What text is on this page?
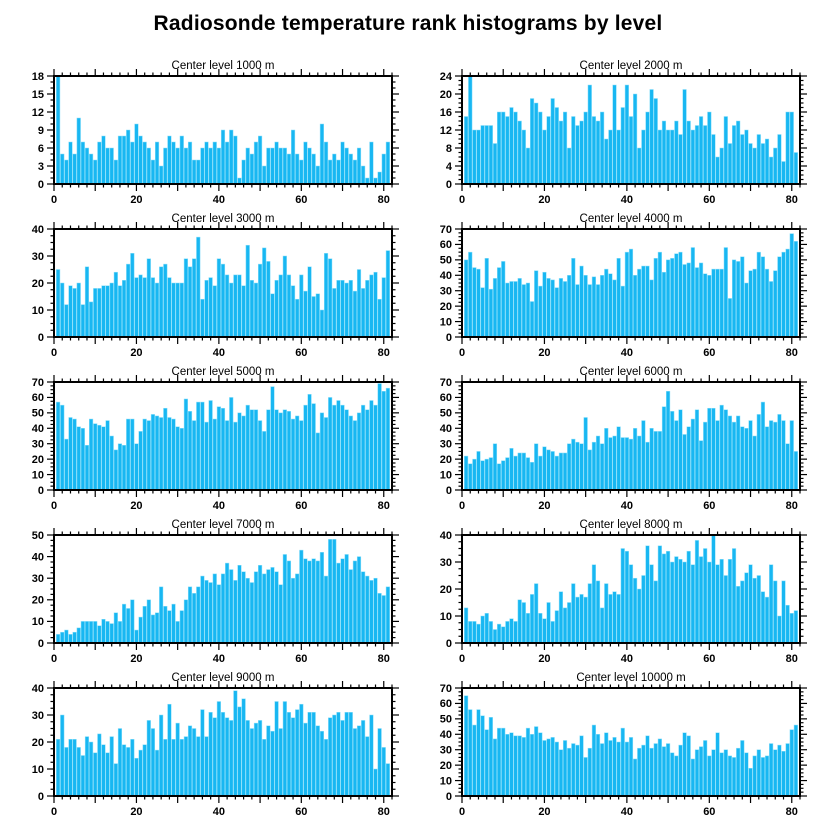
Radiosonde temperature rank histograms by level
Center level 1000 m
0
3
6
9
12
15
18
0	20	40	60	80
Center level 2000 m
0
4
8
12
16
20
24
0	20	40	60	80
Center level 3000 m
0
10
20
30
40
0	20	40	60	80
Center level 4000 m
0
10
20
30
40
50
60
70
0	20	40	60	80
Center level 5000 m
0
10
20
30
40
50
60
70
0	20	40	60	80
Center level 6000 m
0
10
20
30
40
50
60
70
0	20	40	60	80
Center level 7000 m
0
10
20
30
40
50
0	20	40	60	80
Center level 8000 m
0
10
20
30
40
0	20	40	60	80
Center level 9000 m
0
10
20
30
40
0	20	40	60	80
Center level 10000 m
0
10
20
30
40
50
60
70
0	20	40	60	80
